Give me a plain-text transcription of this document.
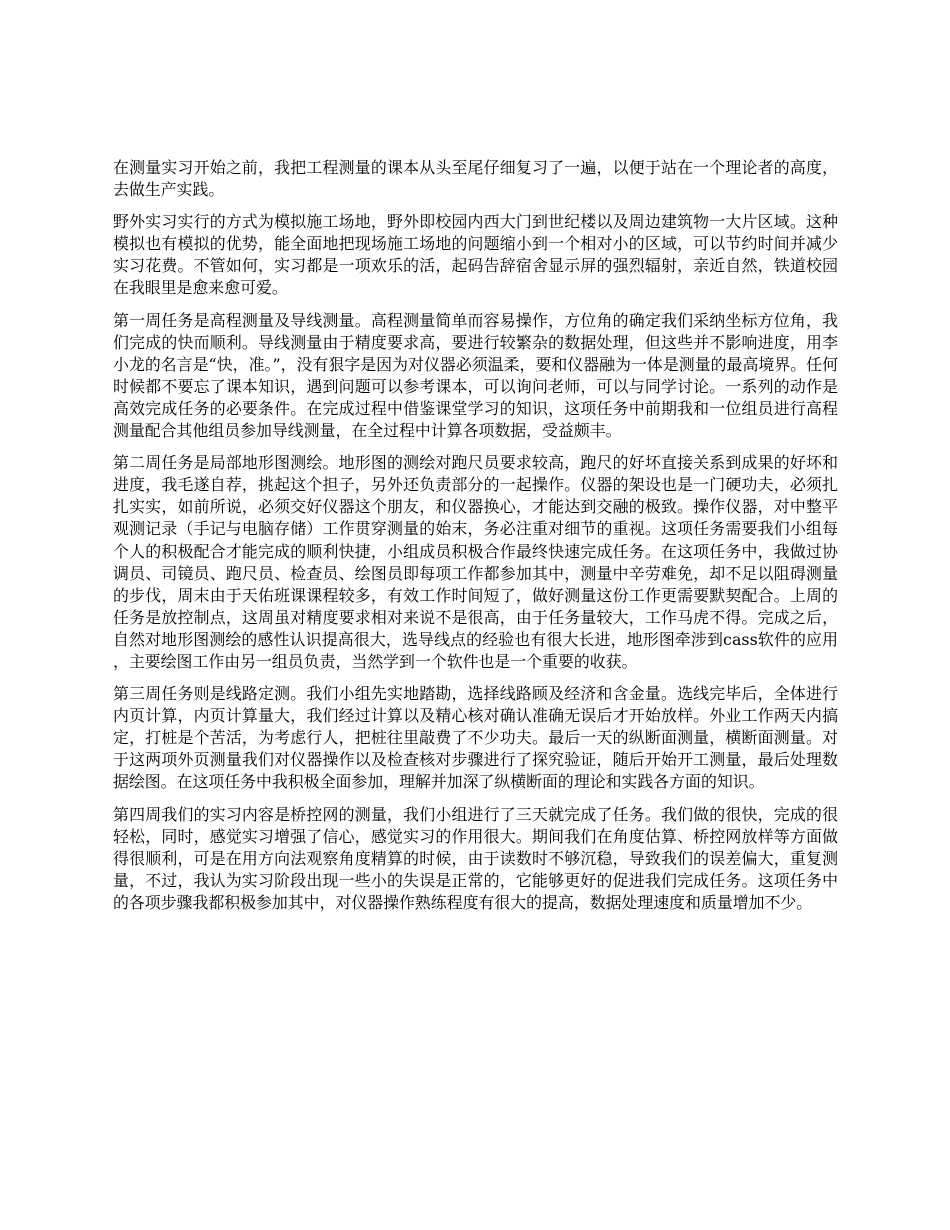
在测量实习开始之前，我把工程测量的课本从头至尾仔细复习了一遍，以便于站在一个理论者的高度，去做生产实践。

野外实习实行的方式为模拟施工场地，野外即校园内西大门到世纪楼以及周边建筑物一大片区域。这种模拟也有模拟的优势，能全面地把现场施工场地的问题缩小到一个相对小的区域，可以节约时间并减少实习花费。不管如何，实习都是一项欢乐的活，起码告辞宿舍显示屏的强烈辐射，亲近自然，铁道校园在我眼里是愈来愈可爱。

第一周任务是高程测量及导线测量。高程测量简单而容易操作，方位角的确定我们采纳坐标方位角，我们完成的快而顺利。导线测量由于精度要求高，要进行较繁杂的数据处理，但这些并不影响进度，用李小龙的名言是“快，准。”，没有狠字是因为对仪器必须温柔，要和仪器融为一体是测量的最高境界。任何时候都不要忘了课本知识，遇到问题可以参考课本，可以询问老师，可以与同学讨论。一系列的动作是高效完成任务的必要条件。在完成过程中借鉴课堂学习的知识，这项任务中前期我和一位组员进行高程测量配合其他组员参加导线测量，在全过程中计算各项数据，受益颇丰。

第二周任务是局部地形图测绘。地形图的测绘对跑尺员要求较高，跑尺的好坏直接关系到成果的好坏和进度，我毛遂自荐，挑起这个担子，另外还负责部分的一起操作。仪器的架设也是一门硬功夫，必须扎扎实实，如前所说，必须交好仪器这个朋友，和仪器换心，才能达到交融的极致。操作仪器，对中整平观测记录（手记与电脑存储）工作贯穿测量的始末，务必注重对细节的重视。这项任务需要我们小组每个人的积极配合才能完成的顺利快捷，小组成员积极合作最终快速完成任务。在这项任务中，我做过协调员、司镜员、跑尺员、检查员、绘图员即每项工作都参加其中，测量中辛劳难免，却不足以阻碍测量的步伐，周末由于天佑班课课程较多，有效工作时间短了，做好测量这份工作更需要默契配合。上周的任务是放控制点，这周虽对精度要求相对来说不是很高，由于任务量较大，工作马虎不得。完成之后，自然对地形图测绘的感性认识提高很大，选导线点的经验也有很大长进，地形图牵涉到cass软件的应用，主要绘图工作由另一组员负责，当然学到一个软件也是一个重要的收获。

第三周任务则是线路定测。我们小组先实地踏勘，选择线路顾及经济和含金量。选线完毕后，全体进行内页计算，内页计算量大，我们经过计算以及精心核对确认准确无误后才开始放样。外业工作两天内搞定，打桩是个苦活，为考虑行人，把桩往里敲费了不少功夫。最后一天的纵断面测量，横断面测量。对于这两项外页测量我们对仪器操作以及检查核对步骤进行了探究验证，随后开始开工测量，最后处理数据绘图。在这项任务中我积极全面参加，理解并加深了纵横断面的理论和实践各方面的知识。

第四周我们的实习内容是桥控网的测量，我们小组进行了三天就完成了任务。我们做的很快，完成的很轻松，同时，感觉实习增强了信心，感觉实习的作用很大。期间我们在角度估算、桥控网放样等方面做得很顺利，可是在用方向法观察角度精算的时候，由于读数时不够沉稳，导致我们的误差偏大，重复测量，不过，我认为实习阶段出现一些小的失误是正常的，它能够更好的促进我们完成任务。这项任务中的各项步骤我都积极参加其中，对仪器操作熟练程度有很大的提高，数据处理速度和质量增加不少。
